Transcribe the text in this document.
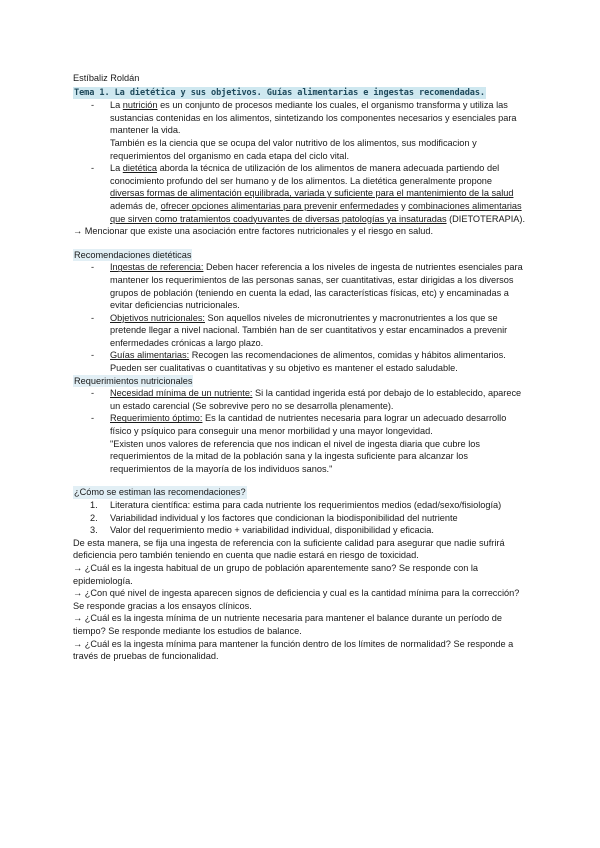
Estíbaliz Roldán

Tema 1. La dietética y sus objetivos. Guías alimentarias e ingestas recomendadas.
- La nutrición es un conjunto de procesos mediante los cuales, el organismo transforma y utiliza las sustancias contenidas en los alimentos, sintetizando los componentes necesarios y esenciales para mantener la vida.
También es la ciencia que se ocupa del valor nutritivo de los alimentos, sus modificacion y requerimientos del organismo en cada etapa del ciclo vital.
- La dietética aborda la técnica de utilización de los alimentos de manera adecuada partiendo del conocimiento profundo del ser humano y de los alimentos. La dietética generalmente propone diversas formas de alimentación equilibrada, variada y suficiente para el mantenimiento de la salud además de, ofrecer opciones alimentarias para prevenir enfermedades y combinaciones alimentarias que sirven como tratamientos coadyuvantes de diversas patologías ya insaturadas (DIETOTERAPIA).

→ Mencionar que existe una asociación entre factores nutricionales y el riesgo en salud.

Recomendaciones dietéticas
- Ingestas de referencia: Deben hacer referencia a los niveles de ingesta de nutrientes esenciales para mantener los requerimientos de las personas sanas, ser cuantitativas, estar dirigidas a los diversos grupos de población (teniendo en cuenta la edad, las características físicas, etc) y encaminadas a evitar deficiencias nutricionales.
- Objetivos nutricionales: Son aquellos niveles de micronutrientes y macronutrientes a los que se pretende llegar a nivel nacional. También han de ser cuantitativos y estar encaminados a prevenir enfermedades crónicas a largo plazo.
- Guías alimentarias: Recogen las recomendaciones de alimentos, comidas y hábitos alimentarios. Pueden ser cualitativas o cuantitativas y su objetivo es mantener el estado saludable.
Requerimientos nutricionales
- Necesidad mínima de un nutriente: Si la cantidad ingerida está por debajo de lo establecido, aparece un estado carencial (Se sobrevive pero no se desarrolla plenamente).
- Requerimiento óptimo: Es la cantidad de nutrientes necesaria para lograr un adecuado desarrollo físico y psíquico para conseguir una menor morbilidad y una mayor longevidad.
"Existen unos valores de referencia que nos indican el nivel de ingesta diaria que cubre los requerimientos de la mitad de la población sana y la ingesta suficiente para alcanzar los requerimientos de la mayoría de los individuos sanos."
¿Cómo se estiman las recomendaciones?
1. Literatura científica: estima para cada nutriente los requerimientos medios (edad/sexo/fisiología)
2. Variabilidad individual y los factores que condicionan la biodisponibilidad del nutriente
3. Valor del requerimiento medio + variabilidad individual, disponibilidad y eficacia.

De esta manera, se fija una ingesta de referencia con la suficiente calidad para asegurar que nadie sufrirá deficiencia pero también teniendo en cuenta que nadie estará en riesgo de toxicidad.

→ ¿Cuál es la ingesta habitual de un grupo de población aparentemente sano? Se responde con la epidemiología.

→ ¿Con qué nivel de ingesta aparecen signos de deficiencia y cual es la cantidad mínima para la corrección? Se responde gracias a los ensayos clínicos.

→ ¿Cuál es la ingesta mínima de un nutriente necesaria para mantener el balance durante un período de tiempo? Se responde mediante los estudios de balance.

→ ¿Cuál es la ingesta mínima para mantener la función dentro de los límites de normalidad? Se responde a través de pruebas de funcionalidad.
